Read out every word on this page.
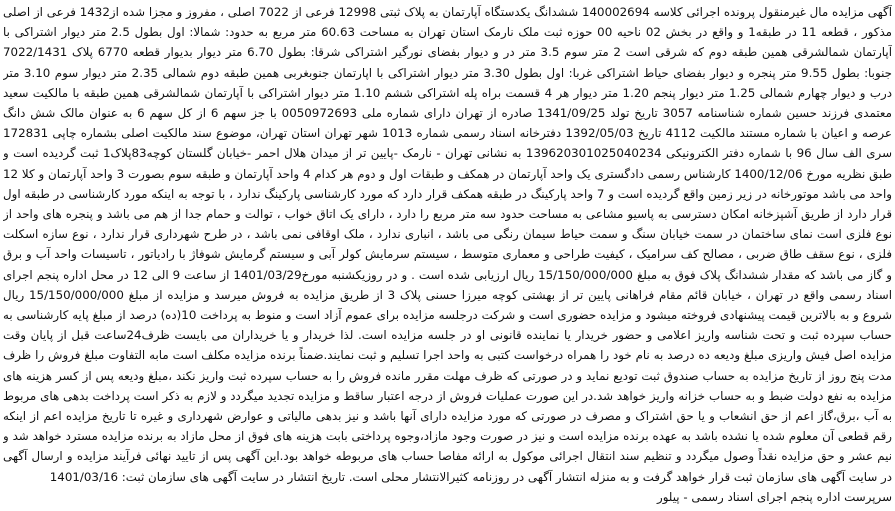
آگهی مزایده مال غیرمنقول پرونده اجرائی کلاسه 140002694 ششدانگ یکدستگاه آپارتمان به پلاک ثبتی 12998 فرعی از 7022 اصلی ، مفروز و مجزا شده از1432 فرعی از اصلی مذکور ، قطعه 11 در طبقه1 و واقع در بخش 02 ناحیه 00 حوزه ثبت ملک نارمک استان تهران به مساحت 60.63 متر مربع به حدود: شمالا: اول بطول 2.5 متر دیوار اشتراکی با آپارتمان شمالشرقی همین طبقه دوم که شرقی است 2 متر سوم 3.5 متر در و دیوار بفضای نورگیر اشتراکی شرقا: بطول 6.70 متر دیوار بدیوار قطعه 6770 پلاک 7022/1431 جنوبا: بطول 9.55 متر پنجره و دیوار بفضای حیاط اشتراکی غربا: اول بطول 3.30 متر دیوار اشتراکی با اپارتمان جنوبغربی همین طبقه دوم شمالی 2.35 متر دیوار سوم 3.10 متر درب و دیوار چهارم شمالی 1.25 متر دیوار پنجم 1.20 متر دیوار هر 4 قسمت براه پله اشتراکی ششم 1.10 متر دیوار اشتراکی با آپارتمان شمالشرقی همین طبقه با مالکیت سعید معتمدی فرزند حسین شماره شناسنامه 3057 تاریخ تولد 1341/09/25 صادره از تهران دارای شماره ملی 0050972693 با جز سهم 6 از کل سهم 6 به عنوان مالک شش دانگ عرصه و اعیان با شماره مستند مالکیت 4112 تاریخ 1392/05/03 دفترخانه اسناد رسمی شماره 1013 شهر تهران استان تهران، موضوع سند مالکیت اصلی بشماره چاپی 172831 سری الف سال 96 با شماره دفتر الکترونیکی 139620301025040234 به نشانی تهران - نارمک -پایین تر از میدان هلال احمر -خیابان گلستان کوچه83پلاک1 ثبت گردیده است و طبق نظریه مورخ 1400/12/06 کارشناس رسمی دادگستری یک واحد آپارتمان در همکف و طبقات اول و دوم هر کدام 4 واحد آپارتمان و طبقه سوم بصورت 3 واحد آپارتمان و کلا 12 واحد می باشد موتورخانه در زیر زمین واقع گردیده است و 7 واحد پارکینگ در طبقه همکف قرار دارد که مورد کارشناسی پارکینگ ندارد ، با توجه به اینکه مورد کارشناسی در طبقه اول قرار دارد از طریق آشپزخانه امکان دسترسی به پاسیو مشاعی به مساحت حدود سه متر مربع را دارد ، دارای یک اتاق خواب ، توالت و حمام جدا از هم می باشد و پنجره های واحد از نوع فلزی است نمای ساختمان در سمت خیابان سنگ و سمت حیاط سیمان رنگی می باشد ، انباری ندارد ، ملک اوقافی نمی باشد ، در طرح شهرداری قرار ندارد ، نوع سازه اسکلت فلزی ، نوع سقف طاق ضربی ، مصالح کف سرامیک ، کیفیت طراحی و معماری متوسط ، سیستم سرمایش کولر آبی و سیستم گرمایش شوفاژ با رادیاتور ، تاسیسات واحد آب و برق و گاز می باشد که مقدار ششدانگ پلاک فوق به مبلغ 15/150/000/000 ریال ارزیابی شده است . و در روزیکشنبه مورخ1401/03/29 از ساعت 9 الی 12 در محل اداره پنجم اجرای اسناد رسمی واقع در تهران ، خیابان قائم مقام فراهانی پایین تر از بهشتی کوچه میرزا حسنی پلاک 3 از طریق مزایده به فروش میرسد و مزایده از مبلغ 15/150/000/000 ریال شروع و به بالاترین قیمت پیشنهادی فروخته میشود و مزایده حضوری است و شرکت درجلسه مزایده برای عموم آزاد است و منوط به پرداخت 10(ده) درصد از مبلغ پایه کارشناسی به حساب سپرده ثبت و تحت شناسه واریز اعلامی و حضور خریدار یا نماینده قانونی او در جلسه مزایده است. لذا خریدار و یا خریداران می بایست ظرف24ساعت قبل از پایان وقت مزایده اصل فیش واریزی مبلغ ودیعه ده درصد به نام خود را همراه درخواست کتبی به واحد اجرا تسلیم و ثبت نمایند.ضمناً برنده مزایده مکلف است مابه التفاوت مبلغ فروش را ظرف مدت پنج روز از تاریخ مزایده به حساب صندوق ثبت تودیع نماید و در صورتی که ظرف مهلت مقرر مانده فروش را به حساب سپرده ثبت واریز نکند ،مبلغ ودیعه پس از کسر هزینه های مزایده به نفع دولت ضبط و به حساب خزانه واریز خواهد شد.در این صورت عملیات فروش از درجه اعتبار ساقط و مزایده تجدید میگردد و لازم به ذکر است پرداخت بدهی های مربوط به آب ،برق،گاز اعم از حق انشعاب و یا حق اشتراک و مصرف در صورتی که مورد مزایده دارای آنها باشد و نیز بدهی مالیاتی و عوارض شهرداری و غیره تا تاریخ مزایده اعم از اینکه رقم قطعی آن معلوم شده یا نشده باشد به عهده برنده مزایده است و نیز در صورت وجود مازاد،وجوه پرداختی بابت هزینه های فوق از محل مازاد به برنده مزایده مسترد خواهد شد و نیم عشر و حق مزایده نقداً وصول میگردد و تنظیم سند انتقال اجرائی موکول به ارائه مفاصا حساب های مربوطه خواهد بود.این آگهی پس از تایید نهائی فرآیند مزایده و ارسال آگهی در سایت آگهی های سازمان ثبت قرار خواهد گرفت و به منزله انتشار آگهی در روزنامه کثیرالانتشار محلی است. تاریخ انتشار در سایت آگهی های سازمان ثبت: 1401/03/16

سرپرست اداره پنجم اجرای اسناد رسمی - پیلور
